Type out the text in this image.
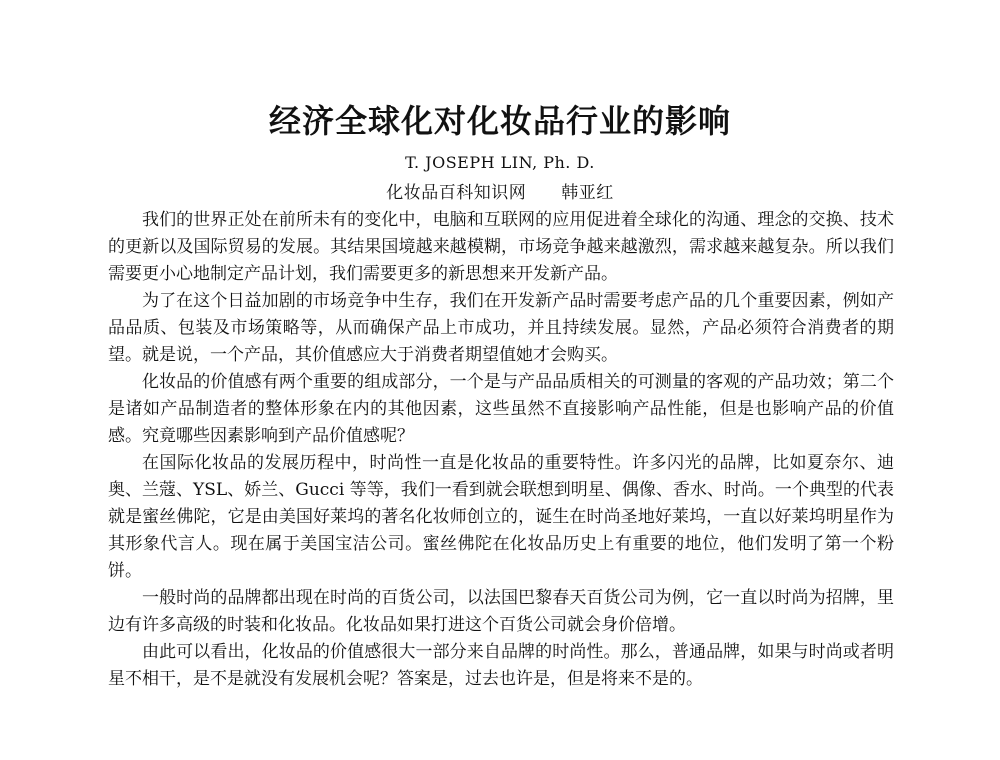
经济全球化对化妆品行业的影响
T. JOSEPH LIN, Ph. D.
化妆品百科知识网　　韩亚红

我们的世界正处在前所未有的变化中，电脑和互联网的应用促进着全球化的沟通、理念的交换、技术的更新以及国际贸易的发展。其结果国境越来越模糊，市场竞争越来越激烈，需求越来越复杂。所以我们需要更小心地制定产品计划，我们需要更多的新思想来开发新产品。

为了在这个日益加剧的市场竞争中生存，我们在开发新产品时需要考虑产品的几个重要因素，例如产品品质、包装及市场策略等，从而确保产品上市成功，并且持续发展。显然，产品必须符合消费者的期望。就是说，一个产品，其价值感应大于消费者期望值她才会购买。

化妆品的价值感有两个重要的组成部分，一个是与产品品质相关的可测量的客观的产品功效；第二个是诸如产品制造者的整体形象在内的其他因素，这些虽然不直接影响产品性能，但是也影响产品的价值感。究竟哪些因素影响到产品价值感呢？

在国际化妆品的发展历程中，时尚性一直是化妆品的重要特性。许多闪光的品牌，比如夏奈尔、迪奥、兰蔻、YSL、娇兰、Gucci 等等，我们一看到就会联想到明星、偶像、香水、时尚。一个典型的代表就是蜜丝佛陀，它是由美国好莱坞的著名化妆师创立的，诞生在时尚圣地好莱坞，一直以好莱坞明星作为其形象代言人。现在属于美国宝洁公司。蜜丝佛陀在化妆品历史上有重要的地位，他们发明了第一个粉饼。

一般时尚的品牌都出现在时尚的百货公司，以法国巴黎春天百货公司为例，它一直以时尚为招牌，里边有许多高级的时装和化妆品。化妆品如果打进这个百货公司就会身价倍增。

由此可以看出，化妆品的价值感很大一部分来自品牌的时尚性。那么，普通品牌，如果与时尚或者明星不相干，是不是就没有发展机会呢？答案是，过去也许是，但是将来不是的。
